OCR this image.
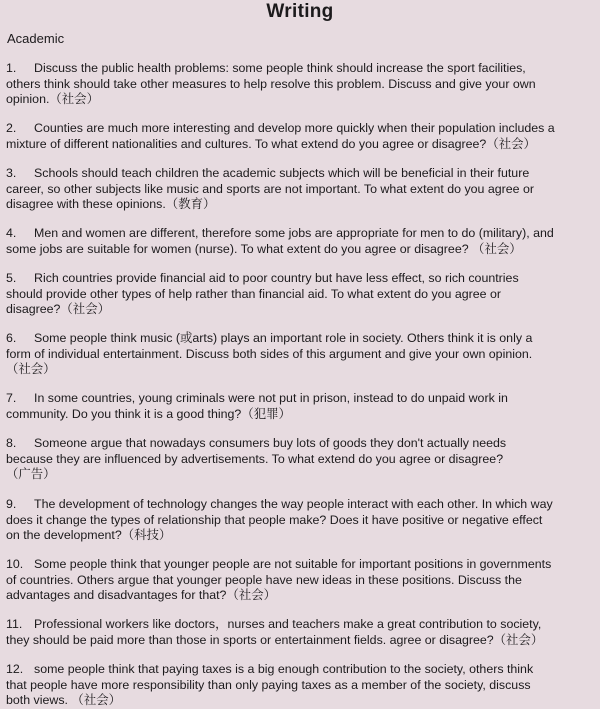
Writing
Academic
1. Discuss the public health problems: some people think should increase the sport facilities,
others think should take other measures to help resolve this problem. Discuss and give your own
opinion.（社会）
2. Counties are much more interesting and develop more quickly when their population includes a
mixture of different nationalities and cultures. To what extend do you agree or disagree?（社会）
3. Schools should teach children the academic subjects which will be beneficial in their future
career, so other subjects like music and sports are not important. To what extent do you agree or
disagree with these opinions.（教育）
4. Men and women are different, therefore some jobs are appropriate for men to do (military), and
some jobs are suitable for women (nurse). To what extent do you agree or disagree? （社会）
5. Rich countries provide financial aid to poor country but have less effect, so rich countries
should provide other types of help rather than financial aid. To what extent do you agree or
disagree?（社会）
6. Some people think music (或arts) plays an important role in society. Others think it is only a
form of individual entertainment. Discuss both sides of this argument and give your own opinion.
（社会）
7. In some countries, young criminals were not put in prison, instead to do unpaid work in
community. Do you think it is a good thing?（犯罪）
8. Someone argue that nowadays consumers buy lots of goods they don't actually needs
because they are influenced by advertisements. To what extend do you agree or disagree?
（广告）
9. The development of technology changes the way people interact with each other. In which way
does it change the types of relationship that people make? Does it have positive or negative effect
on the development?（科技）
10. Some people think that younger people are not suitable for important positions in governments
of countries. Others argue that younger people have new ideas in these positions. Discuss the
advantages and disadvantages for that?（社会）
11. Professional workers like doctors，nurses and teachers make a great contribution to society,
they should be paid more than those in sports or entertainment fields. agree or disagree?（社会）
12. some people think that paying taxes is a big enough contribution to the society, others think
that people have more responsibility than only paying taxes as a member of the society, discuss
both views. （社会）
